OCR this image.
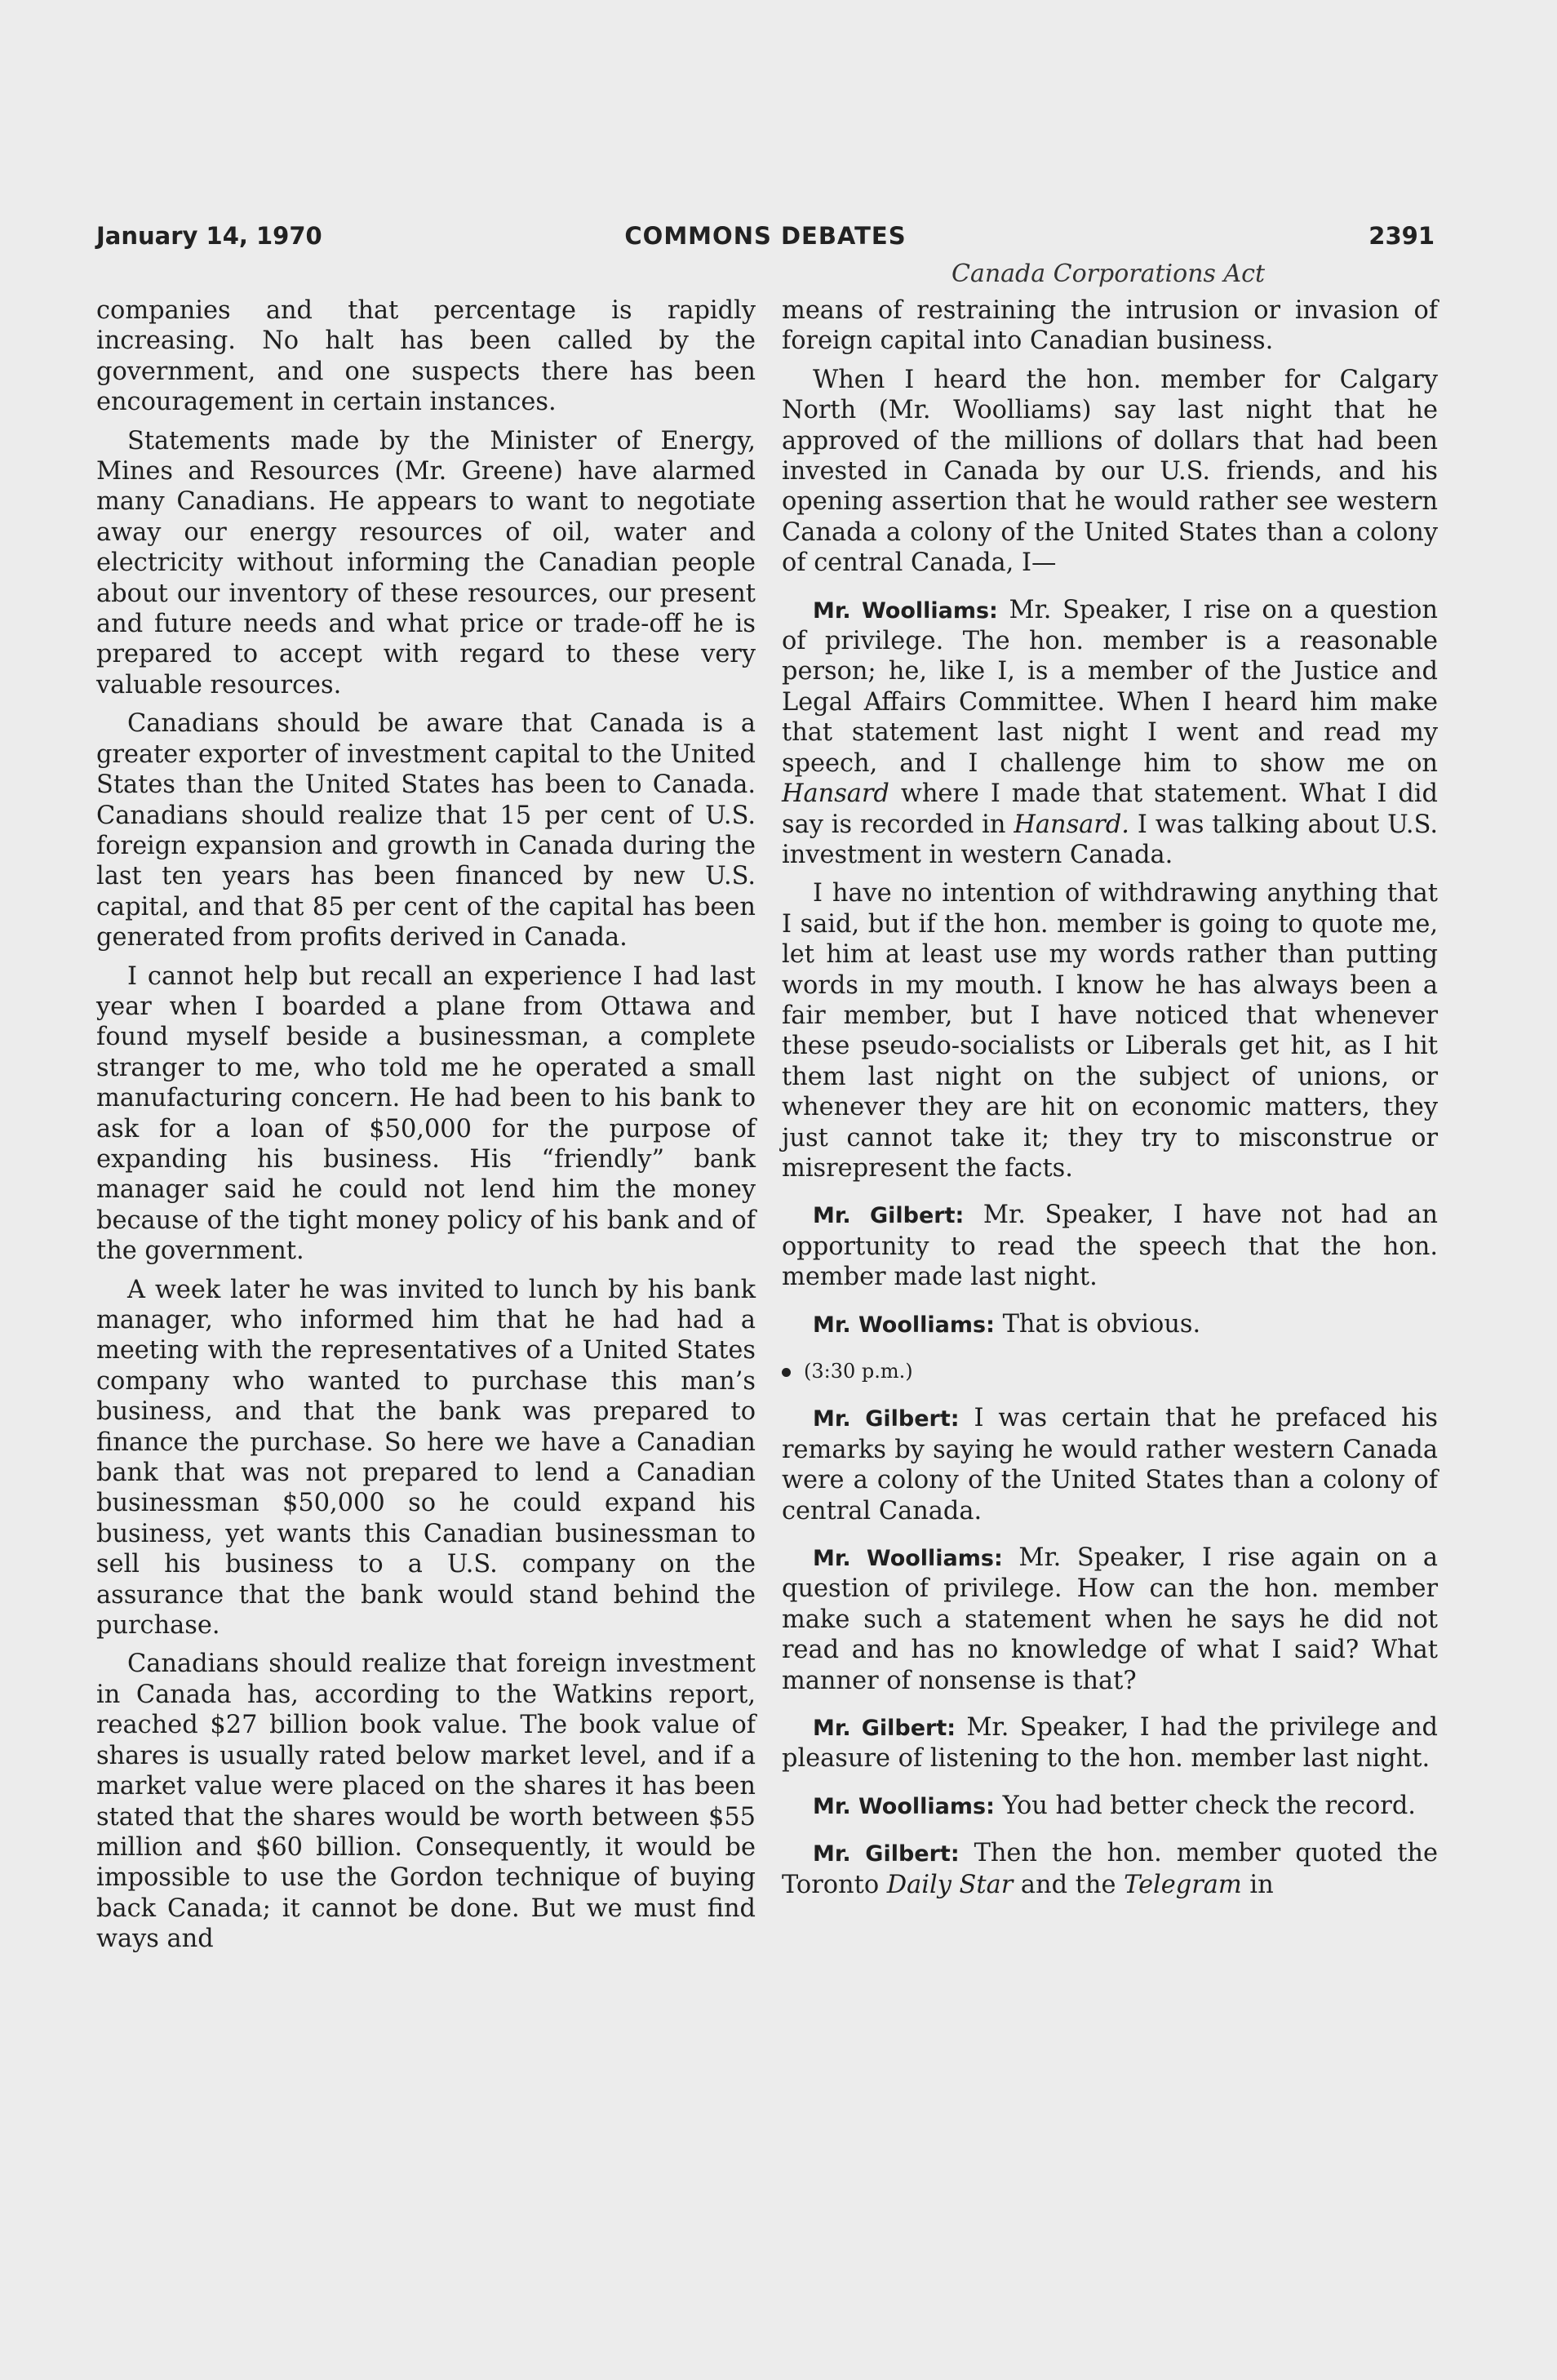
January 14, 1970	COMMONS DEBATES	2391
Canada Corporations Act

companies and that percentage is rapidly increasing. No halt has been called by the government, and one suspects there has been encouragement in certain instances.

Statements made by the Minister of Energy, Mines and Resources (Mr. Greene) have alarmed many Canadians. He appears to want to negotiate away our energy resources of oil, water and electricity without informing the Canadian people about our inventory of these resources, our present and future needs and what price or trade-off he is prepared to accept with regard to these very valuable resources.

Canadians should be aware that Canada is a greater exporter of investment capital to the United States than the United States has been to Canada. Canadians should realize that 15 per cent of U.S. foreign expansion and growth in Canada during the last ten years has been financed by new U.S. capital, and that 85 per cent of the capital has been generated from profits derived in Canada.

I cannot help but recall an experience I had last year when I boarded a plane from Ottawa and found myself beside a businessman, a complete stranger to me, who told me he operated a small manufacturing concern. He had been to his bank to ask for a loan of $50,000 for the purpose of expanding his business. His “friendly” bank manager said he could not lend him the money because of the tight money policy of his bank and of the government.

A week later he was invited to lunch by his bank manager, who informed him that he had had a meeting with the representatives of a United States company who wanted to purchase this man’s business, and that the bank was prepared to finance the purchase. So here we have a Canadian bank that was not prepared to lend a Canadian businessman $50,000 so he could expand his business, yet wants this Canadian businessman to sell his business to a U.S. company on the assurance that the bank would stand behind the purchase.

Canadians should realize that foreign investment in Canada has, according to the Watkins report, reached $27 billion book value. The book value of shares is usually rated below market level, and if a market value were placed on the shares it has been stated that the shares would be worth between $55 million and $60 billion. Consequently, it would be impossible to use the Gordon technique of buying back Canada; it cannot be done. But we must find ways and

means of restraining the intrusion or invasion of foreign capital into Canadian business.

When I heard the hon. member for Calgary North (Mr. Woolliams) say last night that he approved of the millions of dollars that had been invested in Canada by our U.S. friends, and his opening assertion that he would rather see western Canada a colony of the United States than a colony of central Canada, I—

Mr. Woolliams: Mr. Speaker, I rise on a question of privilege. The hon. member is a reasonable person; he, like I, is a member of the Justice and Legal Affairs Committee. When I heard him make that statement last night I went and read my speech, and I challenge him to show me on Hansard where I made that statement. What I did say is recorded in Hansard. I was talking about U.S. investment in western Canada.

I have no intention of withdrawing anything that I said, but if the hon. member is going to quote me, let him at least use my words rather than putting words in my mouth. I know he has always been a fair member, but I have noticed that whenever these pseudo-socialists or Liberals get hit, as I hit them last night on the subject of unions, or whenever they are hit on economic matters, they just cannot take it; they try to misconstrue or misrepresent the facts.

Mr. Gilbert: Mr. Speaker, I have not had an opportunity to read the speech that the hon. member made last night.

Mr. Woolliams: That is obvious.

(3:30 p.m.)

Mr. Gilbert: I was certain that he prefaced his remarks by saying he would rather western Canada were a colony of the United States than a colony of central Canada.

Mr. Woolliams: Mr. Speaker, I rise again on a question of privilege. How can the hon. member make such a statement when he says he did not read and has no knowledge of what I said? What manner of nonsense is that?

Mr. Gilbert: Mr. Speaker, I had the privilege and pleasure of listening to the hon. member last night.

Mr. Woolliams: You had better check the record.

Mr. Gilbert: Then the hon. member quoted the Toronto Daily Star and the Telegram in
